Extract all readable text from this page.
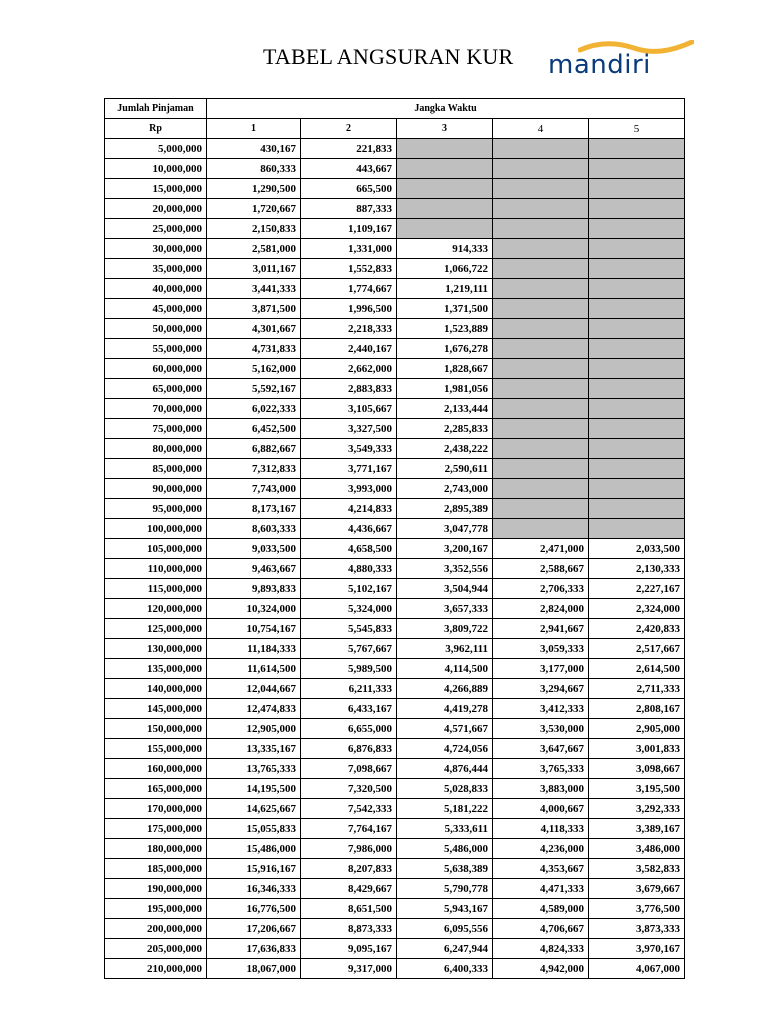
TABEL ANGSURAN KUR mandiri
Jumlah Pinjaman	Jangka Waktu				
Rp	1	2	3	4	5
5,000,000	430,167	221,833			
10,000,000	860,333	443,667			
15,000,000	1,290,500	665,500			
20,000,000	1,720,667	887,333			
25,000,000	2,150,833	1,109,167			
30,000,000	2,581,000	1,331,000	914,333		
35,000,000	3,011,167	1,552,833	1,066,722		
40,000,000	3,441,333	1,774,667	1,219,111		
45,000,000	3,871,500	1,996,500	1,371,500		
50,000,000	4,301,667	2,218,333	1,523,889		
55,000,000	4,731,833	2,440,167	1,676,278		
60,000,000	5,162,000	2,662,000	1,828,667		
65,000,000	5,592,167	2,883,833	1,981,056		
70,000,000	6,022,333	3,105,667	2,133,444		
75,000,000	6,452,500	3,327,500	2,285,833		
80,000,000	6,882,667	3,549,333	2,438,222		
85,000,000	7,312,833	3,771,167	2,590,611		
90,000,000	7,743,000	3,993,000	2,743,000		
95,000,000	8,173,167	4,214,833	2,895,389		
100,000,000	8,603,333	4,436,667	3,047,778		
105,000,000	9,033,500	4,658,500	3,200,167	2,471,000	2,033,500
110,000,000	9,463,667	4,880,333	3,352,556	2,588,667	2,130,333
115,000,000	9,893,833	5,102,167	3,504,944	2,706,333	2,227,167
120,000,000	10,324,000	5,324,000	3,657,333	2,824,000	2,324,000
125,000,000	10,754,167	5,545,833	3,809,722	2,941,667	2,420,833
130,000,000	11,184,333	5,767,667	3,962,111	3,059,333	2,517,667
135,000,000	11,614,500	5,989,500	4,114,500	3,177,000	2,614,500
140,000,000	12,044,667	6,211,333	4,266,889	3,294,667	2,711,333
145,000,000	12,474,833	6,433,167	4,419,278	3,412,333	2,808,167
150,000,000	12,905,000	6,655,000	4,571,667	3,530,000	2,905,000
155,000,000	13,335,167	6,876,833	4,724,056	3,647,667	3,001,833
160,000,000	13,765,333	7,098,667	4,876,444	3,765,333	3,098,667
165,000,000	14,195,500	7,320,500	5,028,833	3,883,000	3,195,500
170,000,000	14,625,667	7,542,333	5,181,222	4,000,667	3,292,333
175,000,000	15,055,833	7,764,167	5,333,611	4,118,333	3,389,167
180,000,000	15,486,000	7,986,000	5,486,000	4,236,000	3,486,000
185,000,000	15,916,167	8,207,833	5,638,389	4,353,667	3,582,833
190,000,000	16,346,333	8,429,667	5,790,778	4,471,333	3,679,667
195,000,000	16,776,500	8,651,500	5,943,167	4,589,000	3,776,500
200,000,000	17,206,667	8,873,333	6,095,556	4,706,667	3,873,333
205,000,000	17,636,833	9,095,167	6,247,944	4,824,333	3,970,167
210,000,000	18,067,000	9,317,000	6,400,333	4,942,000	4,067,000
